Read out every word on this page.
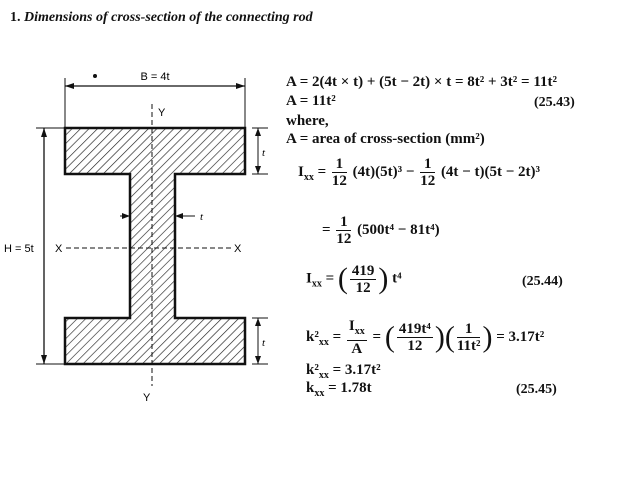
1. Dimensions of cross-section of the connecting rod
B = 4t
H = 5t
Y
Y
X	X
t
t
t
A = 2(4t × t) + (5t − 2t) × t = 8t² + 3t² = 11t²
A = 11t²	(25.43)
where,
A = area of cross-section (mm²)
$I_{xx} = \frac{1}{12} (4t)(5t)^3 - \frac{1}{12} (4t - t)(5t - 2t)^3$
= $\frac{1}{12} (500t^4 - 81t^4)$
$I_{xx}$ = ( $\frac{419}{12}$ ) t⁴	(25.44)
$k^2_{xx} = \frac{I_{xx}}{A}$ = ( $\frac{\text{419t⁴}}{12}$ )( $\frac{1}{\text{11t²}}$ ) = 3.17t²
$k^2_{xx} = 3.17t^2$
$k_{xx} = 1.78t$	(25.45)
